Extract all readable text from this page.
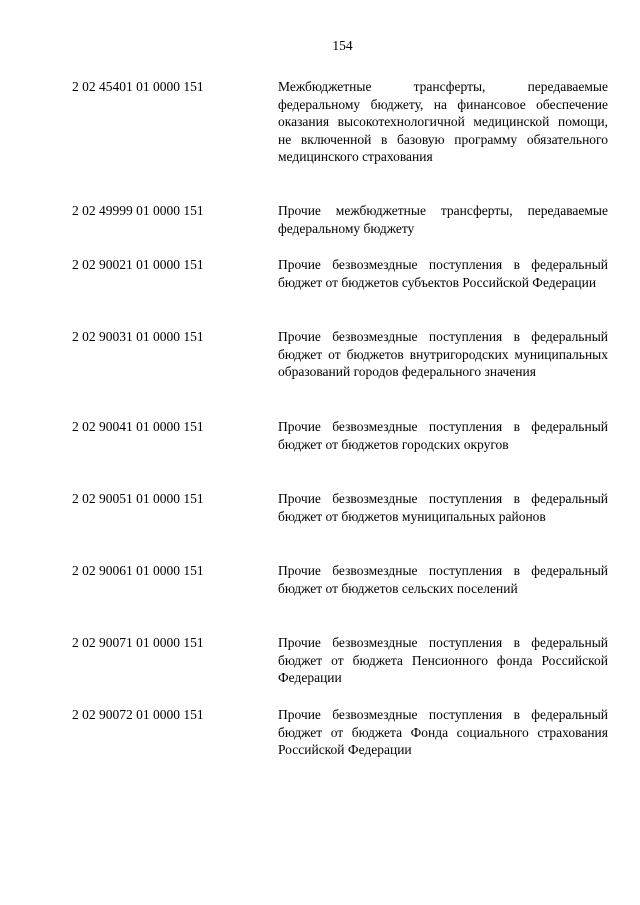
154
2 02 45401 01 0000 151	Межбюджетные трансферты, передаваемые федеральному бюджету, на финансовое обеспечение оказания высокотехнологичной медицинской помощи, не включенной в базовую программу обязательного медицинского страхования
2 02 49999 01 0000 151	Прочие межбюджетные трансферты, передаваемые федеральному бюджету
2 02 90021 01 0000 151	Прочие безвозмездные поступления в федеральный бюджет от бюджетов субъектов Российской Федерации
2 02 90031 01 0000 151	Прочие безвозмездные поступления в федеральный бюджет от бюджетов внутригородских муниципальных образований городов федерального значения
2 02 90041 01 0000 151	Прочие безвозмездные поступления в федеральный бюджет от бюджетов городских округов
2 02 90051 01 0000 151	Прочие безвозмездные поступления в федеральный бюджет от бюджетов муниципальных районов
2 02 90061 01 0000 151	Прочие безвозмездные поступления в федеральный бюджет от бюджетов сельских поселений
2 02 90071 01 0000 151	Прочие безвозмездные поступления в федеральный бюджет от бюджета Пенсионного фонда Российской Федерации
2 02 90072 01 0000 151	Прочие безвозмездные поступления в федеральный бюджет от бюджета Фонда социального страхования Российской Федерации
